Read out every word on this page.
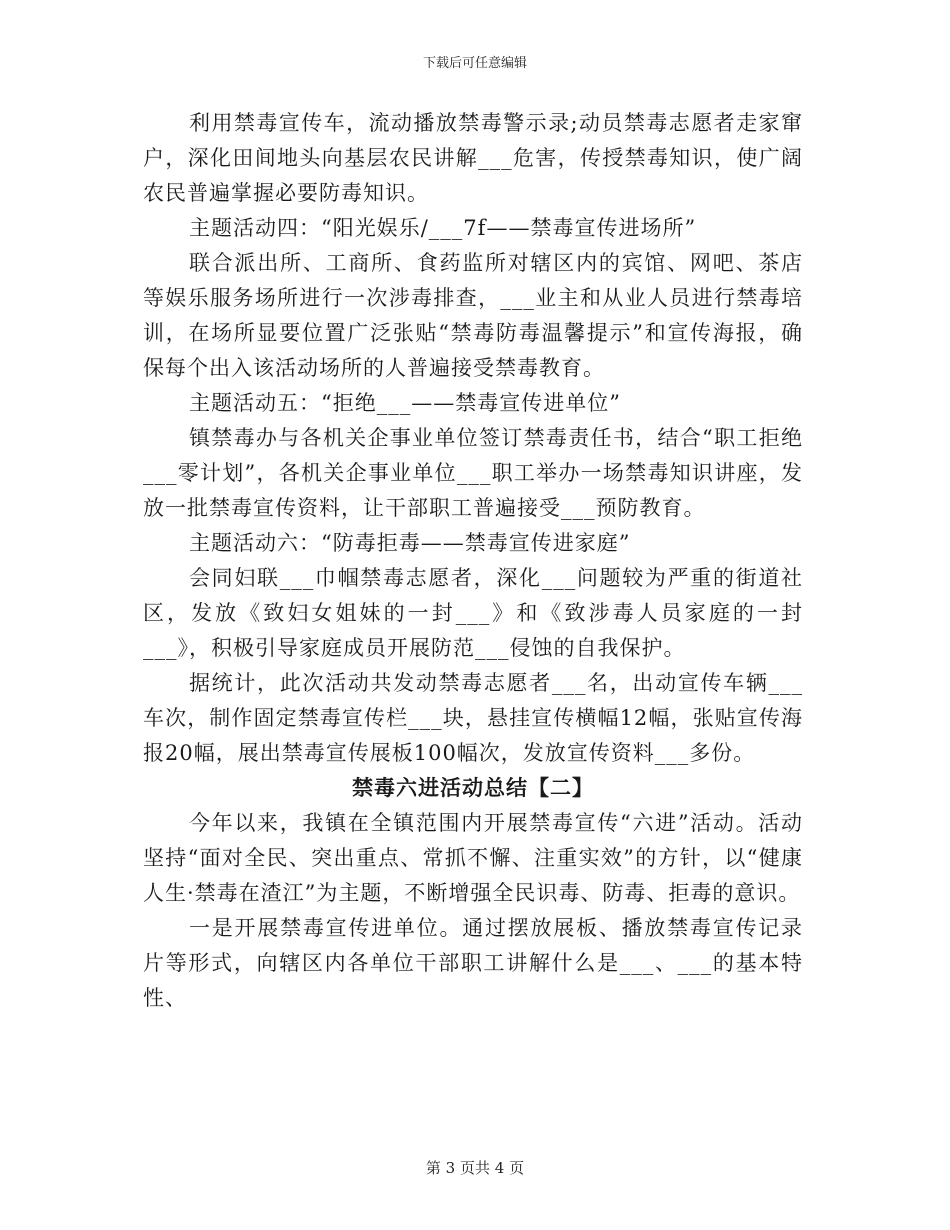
下载后可任意编辑

利用禁毒宣传车，流动播放禁毒警示录;动员禁毒志愿者走家窜户，深化田间地头向基层农民讲解___危害，传授禁毒知识，使广阔农民普遍掌握必要防毒知识。

主题活动四：“阳光娱乐/___7f——禁毒宣传进场所”

联合派出所、工商所、食药监所对辖区内的宾馆、网吧、茶店等娱乐服务场所进行一次涉毒排查，___业主和从业人员进行禁毒培训，在场所显要位置广泛张贴“禁毒防毒温馨提示”和宣传海报，确保每个出入该活动场所的人普遍接受禁毒教育。

主题活动五：“拒绝___——禁毒宣传进单位”

镇禁毒办与各机关企事业单位签订禁毒责任书，结合“职工拒绝___零计划”，各机关企事业单位___职工举办一场禁毒知识讲座，发放一批禁毒宣传资料，让干部职工普遍接受___预防教育。

主题活动六：“防毒拒毒——禁毒宣传进家庭”

会同妇联___巾帼禁毒志愿者，深化___问题较为严重的街道社区，发放《致妇女姐妹的一封___》和《致涉毒人员家庭的一封___》，积极引导家庭成员开展防范___侵蚀的自我保护。

据统计，此次活动共发动禁毒志愿者___名，出动宣传车辆___车次，制作固定禁毒宣传栏___块，悬挂宣传横幅12幅，张贴宣传海报20幅，展出禁毒宣传展板100幅次，发放宣传资料___多份。

禁毒六进活动总结【二】

今年以来，我镇在全镇范围内开展禁毒宣传“六进”活动。活动坚持“面对全民、突出重点、常抓不懈、注重实效”的方针，以“健康人生·禁毒在渣江”为主题，不断增强全民识毒、防毒、拒毒的意识。

一是开展禁毒宣传进单位。通过摆放展板、播放禁毒宣传记录片等形式，向辖区内各单位干部职工讲解什么是___、___的基本特性、

第 3 页共 4 页
